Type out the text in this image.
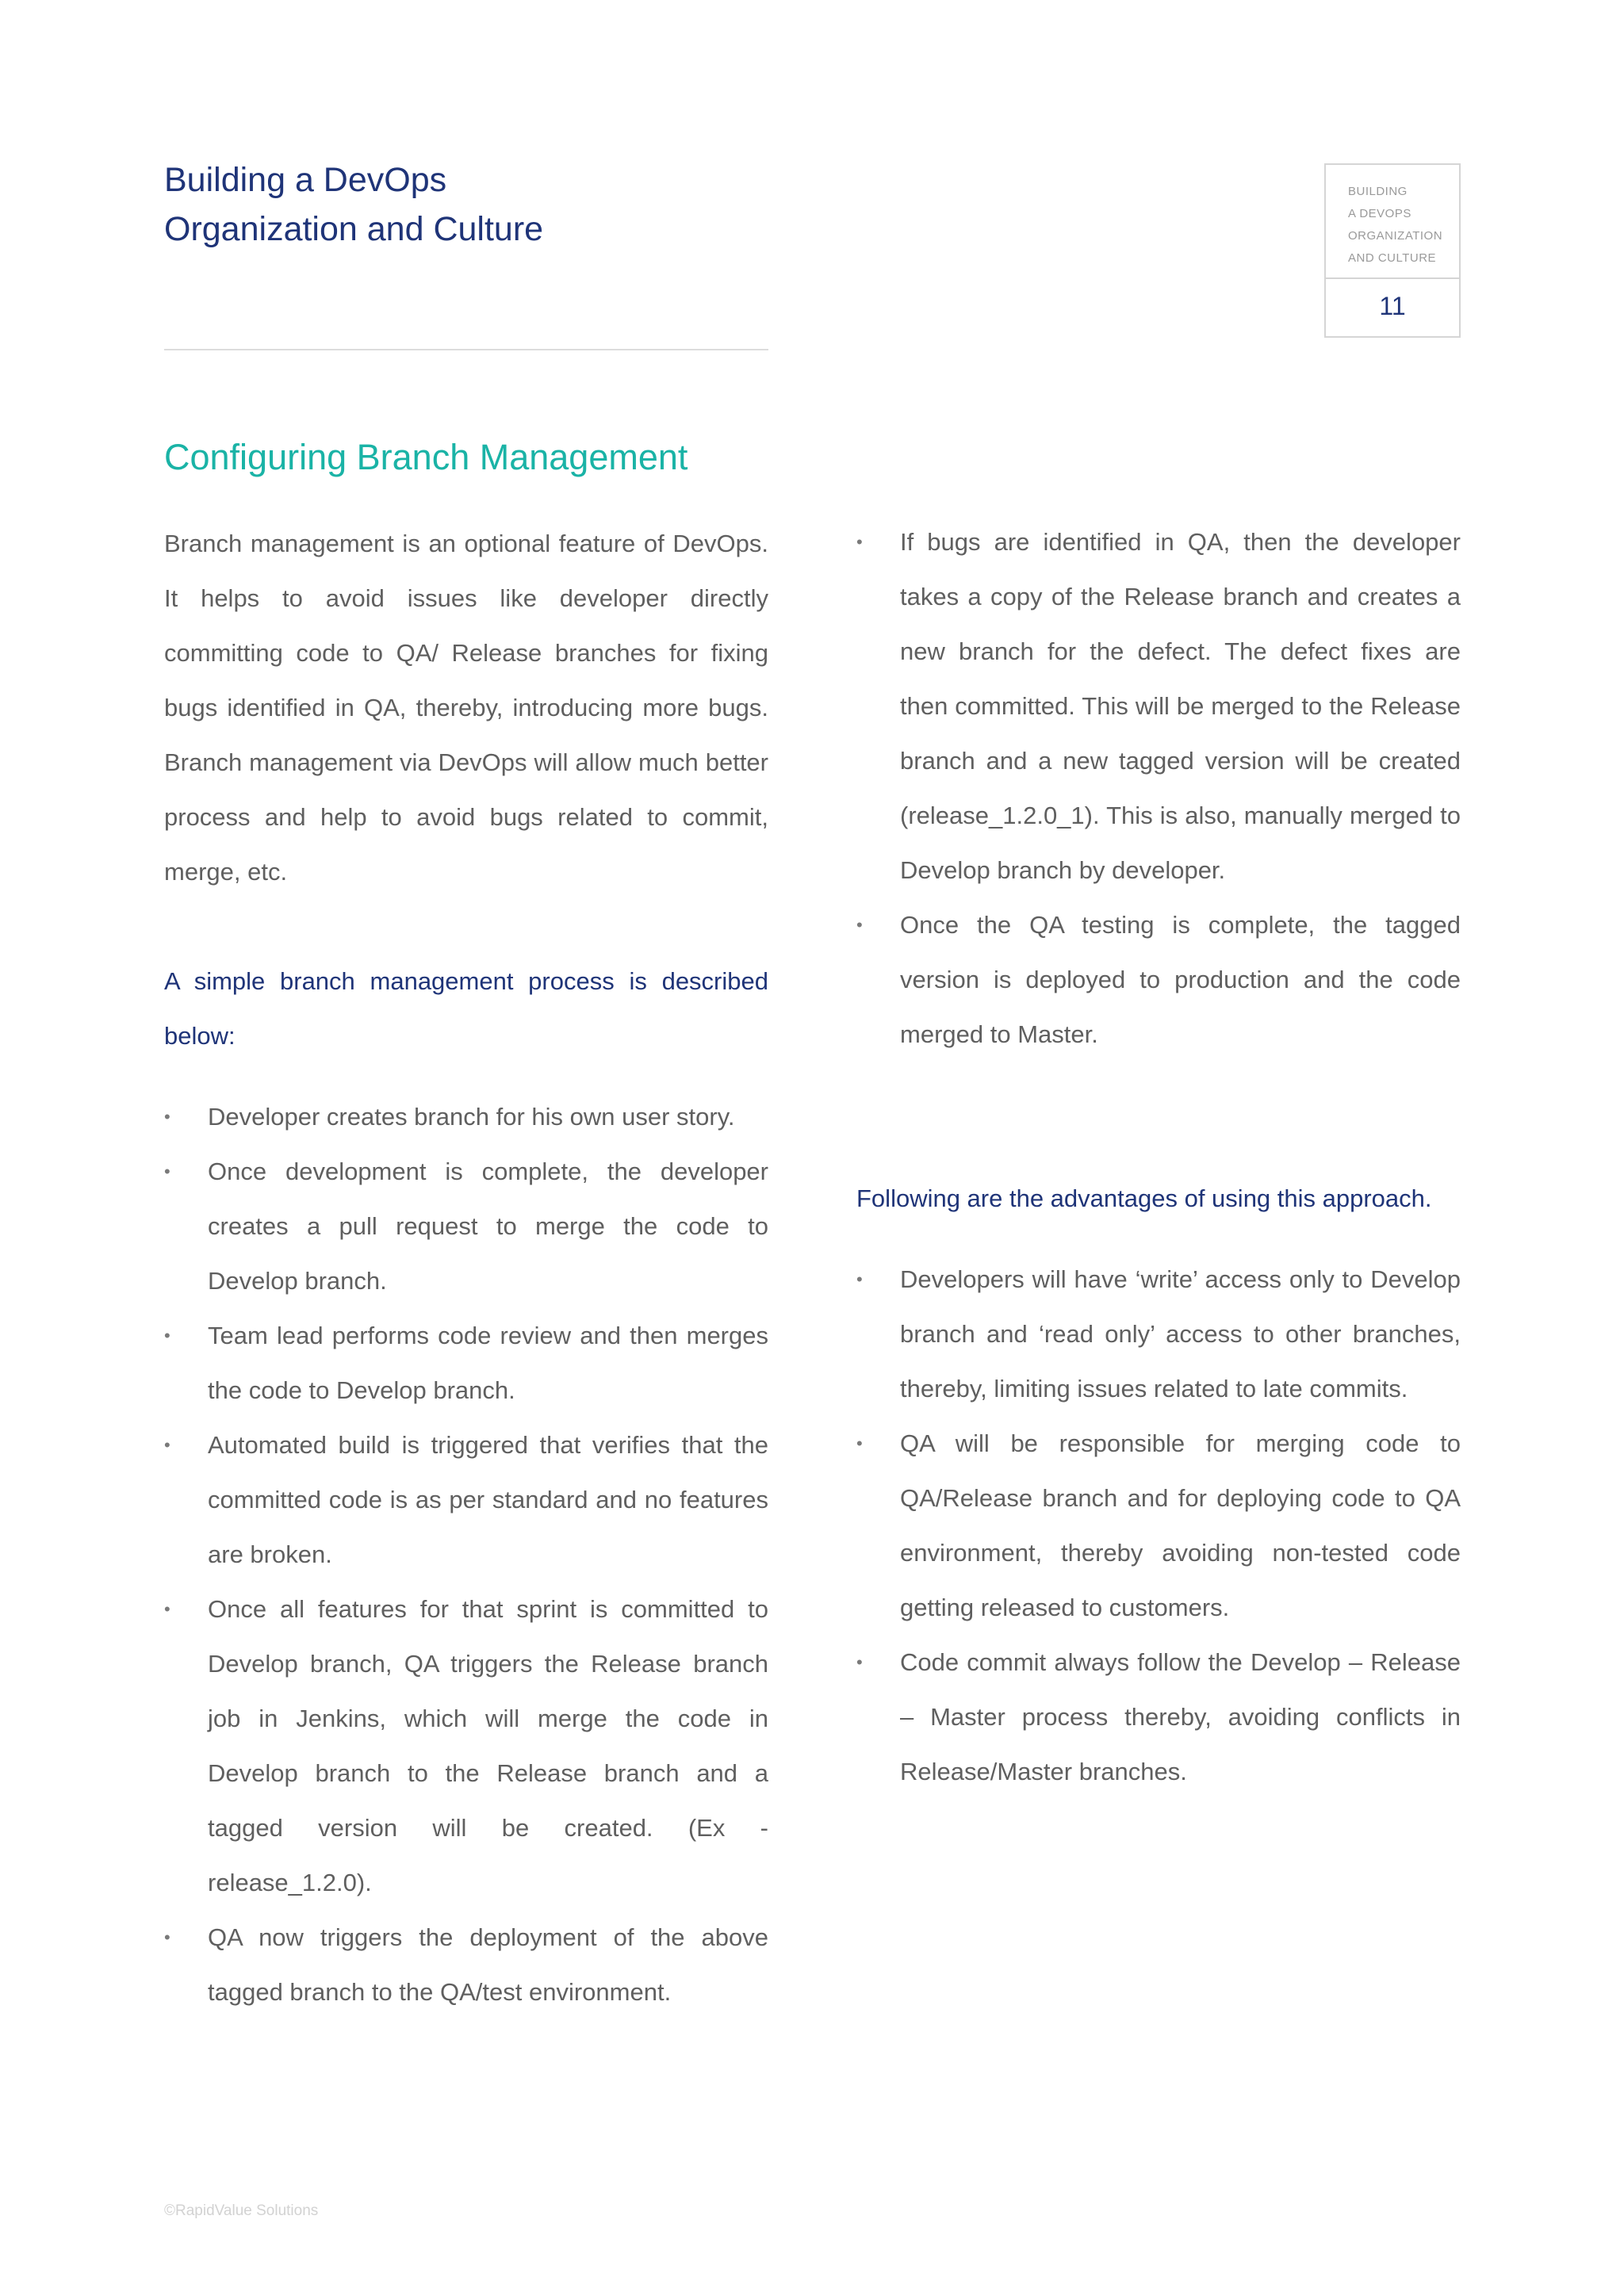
Building a DevOps
Organization and Culture
BUILDING
A DEVOPS
ORGANIZATION
AND CULTURE
11
Configuring Branch Management

Branch management is an optional feature of DevOps. It helps to avoid issues like developer directly committing code to QA/ Release branches for fixing bugs identified in QA, thereby, introducing more bugs. Branch management via DevOps will allow much better process and help to avoid bugs related to commit, merge, etc.

A simple branch management process is described below:

• Developer creates branch for his own user story.
• Once development is complete, the developer creates a pull request to merge the code to Develop branch.
• Team lead performs code review and then merges the code to Develop branch.
• Automated build is triggered that verifies that the committed code is as per standard and no features are broken.
• Once all features for that sprint is committed to Develop branch, QA triggers the Release branch job in Jenkins, which will merge the code in Develop branch to the Release branch and a tagged version will be created. (Ex - release_1.2.0).
• QA now triggers the deployment of the above tagged branch to the QA/test environment.
• If bugs are identified in QA, then the developer takes a copy of the Release branch and creates a new branch for the defect. The defect fixes are then committed. This will be merged to the Release branch and a new tagged version will be created (release_1.2.0_1). This is also, manually merged to Develop branch by developer.
• Once the QA testing is complete, the tagged version is deployed to production and the code merged to Master.

Following are the advantages of using this approach.

• Developers will have ‘write’ access only to Develop branch and ‘read only’ access to other branches, thereby, limiting issues related to late commits.
• QA will be responsible for merging code to QA/Release branch and for deploying code to QA environment, thereby avoiding non-tested code getting released to customers.
• Code commit always follow the Develop – Release – Master process thereby, avoiding conflicts in Release/Master branches.
©RapidValue Solutions
